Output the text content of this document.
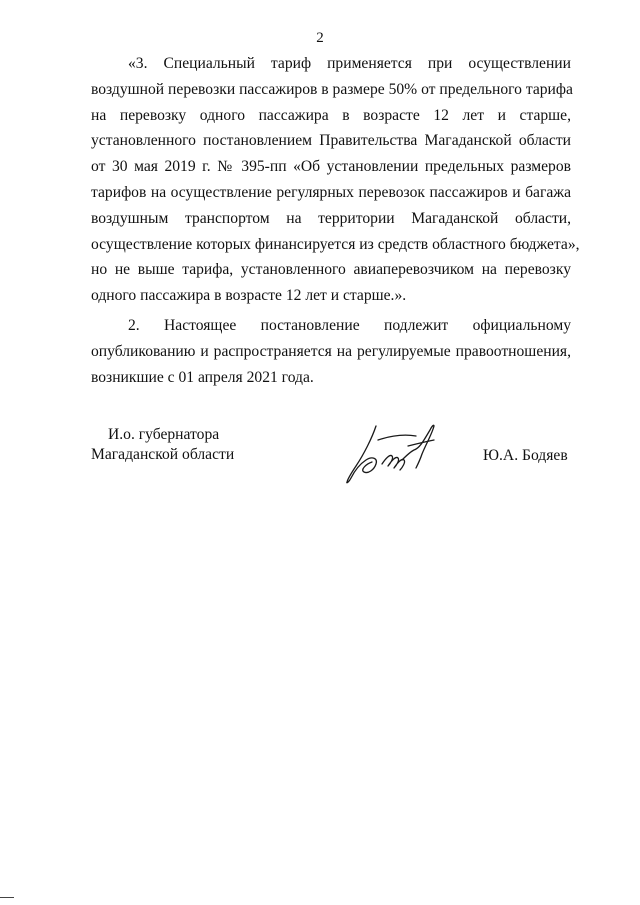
2
«3. Специальный тариф применяется при осуществлении
воздушной перевозки пассажиров в размере 50% от предельного тарифа
на перевозку одного пассажира в возрасте 12 лет и старше,
установленного постановлением Правительства Магаданской области
от 30 мая 2019 г. № 395-пп «Об установлении предельных размеров
тарифов на осуществление регулярных перевозок пассажиров и багажа
воздушным транспортом на территории Магаданской области,
осуществление которых финансируется из средств областного бюджета»,
но не выше тарифа, установленного авиаперевозчиком на перевозку
одного пассажира в возрасте 12 лет и старше.».
2. Настоящее постановление подлежит официальному
опубликованию и распространяется на регулируемые правоотношения,
возникшие с 01 апреля 2021 года.
И.о. губернатора
Магаданской области	Ю.А. Бодяев
